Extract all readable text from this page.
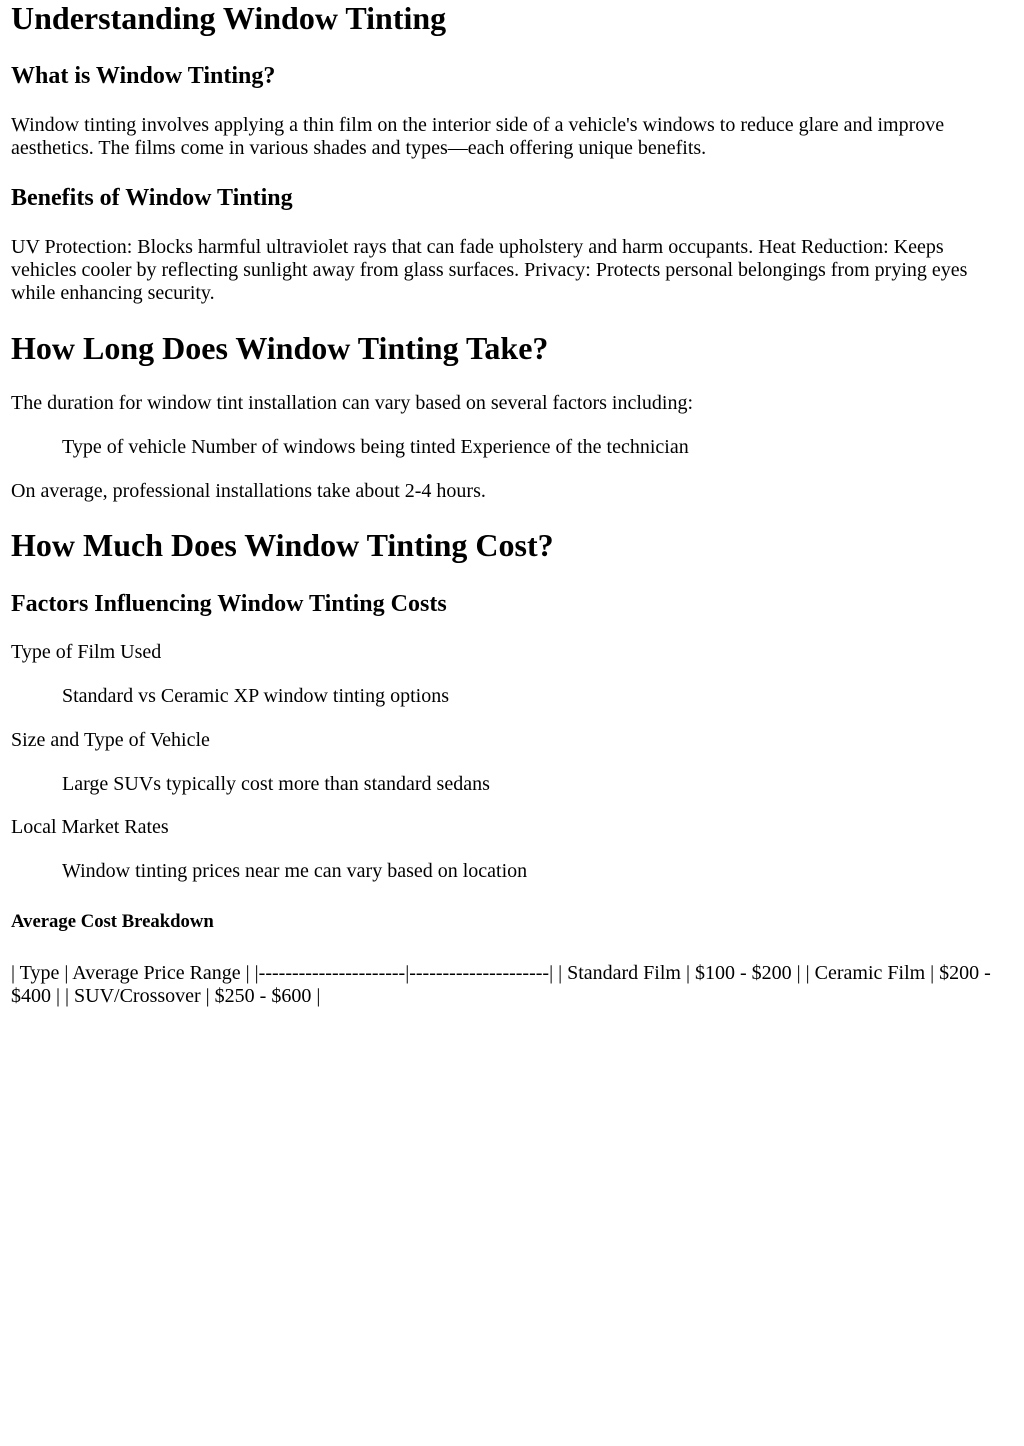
Understanding Window Tinting
What is Window Tinting?

Window tinting involves applying a thin film on the interior side of a vehicle's windows to reduce glare and improve aesthetics. The films come in various shades and types—each offering unique benefits.

Benefits of Window Tinting

UV Protection: Blocks harmful ultraviolet rays that can fade upholstery and harm occupants. Heat Reduction: Keeps vehicles cooler by reflecting sunlight away from glass surfaces. Privacy: Protects personal belongings from prying eyes while enhancing security.

How Long Does Window Tinting Take?

The duration for window tint installation can vary based on several factors including:

Type of vehicle Number of windows being tinted Experience of the technician

On average, professional installations take about 2-4 hours.

How Much Does Window Tinting Cost?
Factors Influencing Window Tinting Costs

Type of Film Used

Standard vs Ceramic XP window tinting options

Size and Type of Vehicle

Large SUVs typically cost more than standard sedans

Local Market Rates

Window tinting prices near me can vary based on location

Average Cost Breakdown

| Type | Average Price Range | |----------------------|---------------------| | Standard Film | $100 - $200 | | Ceramic Film | $200 - $400 | | SUV/Crossover | $250 - $600 |
